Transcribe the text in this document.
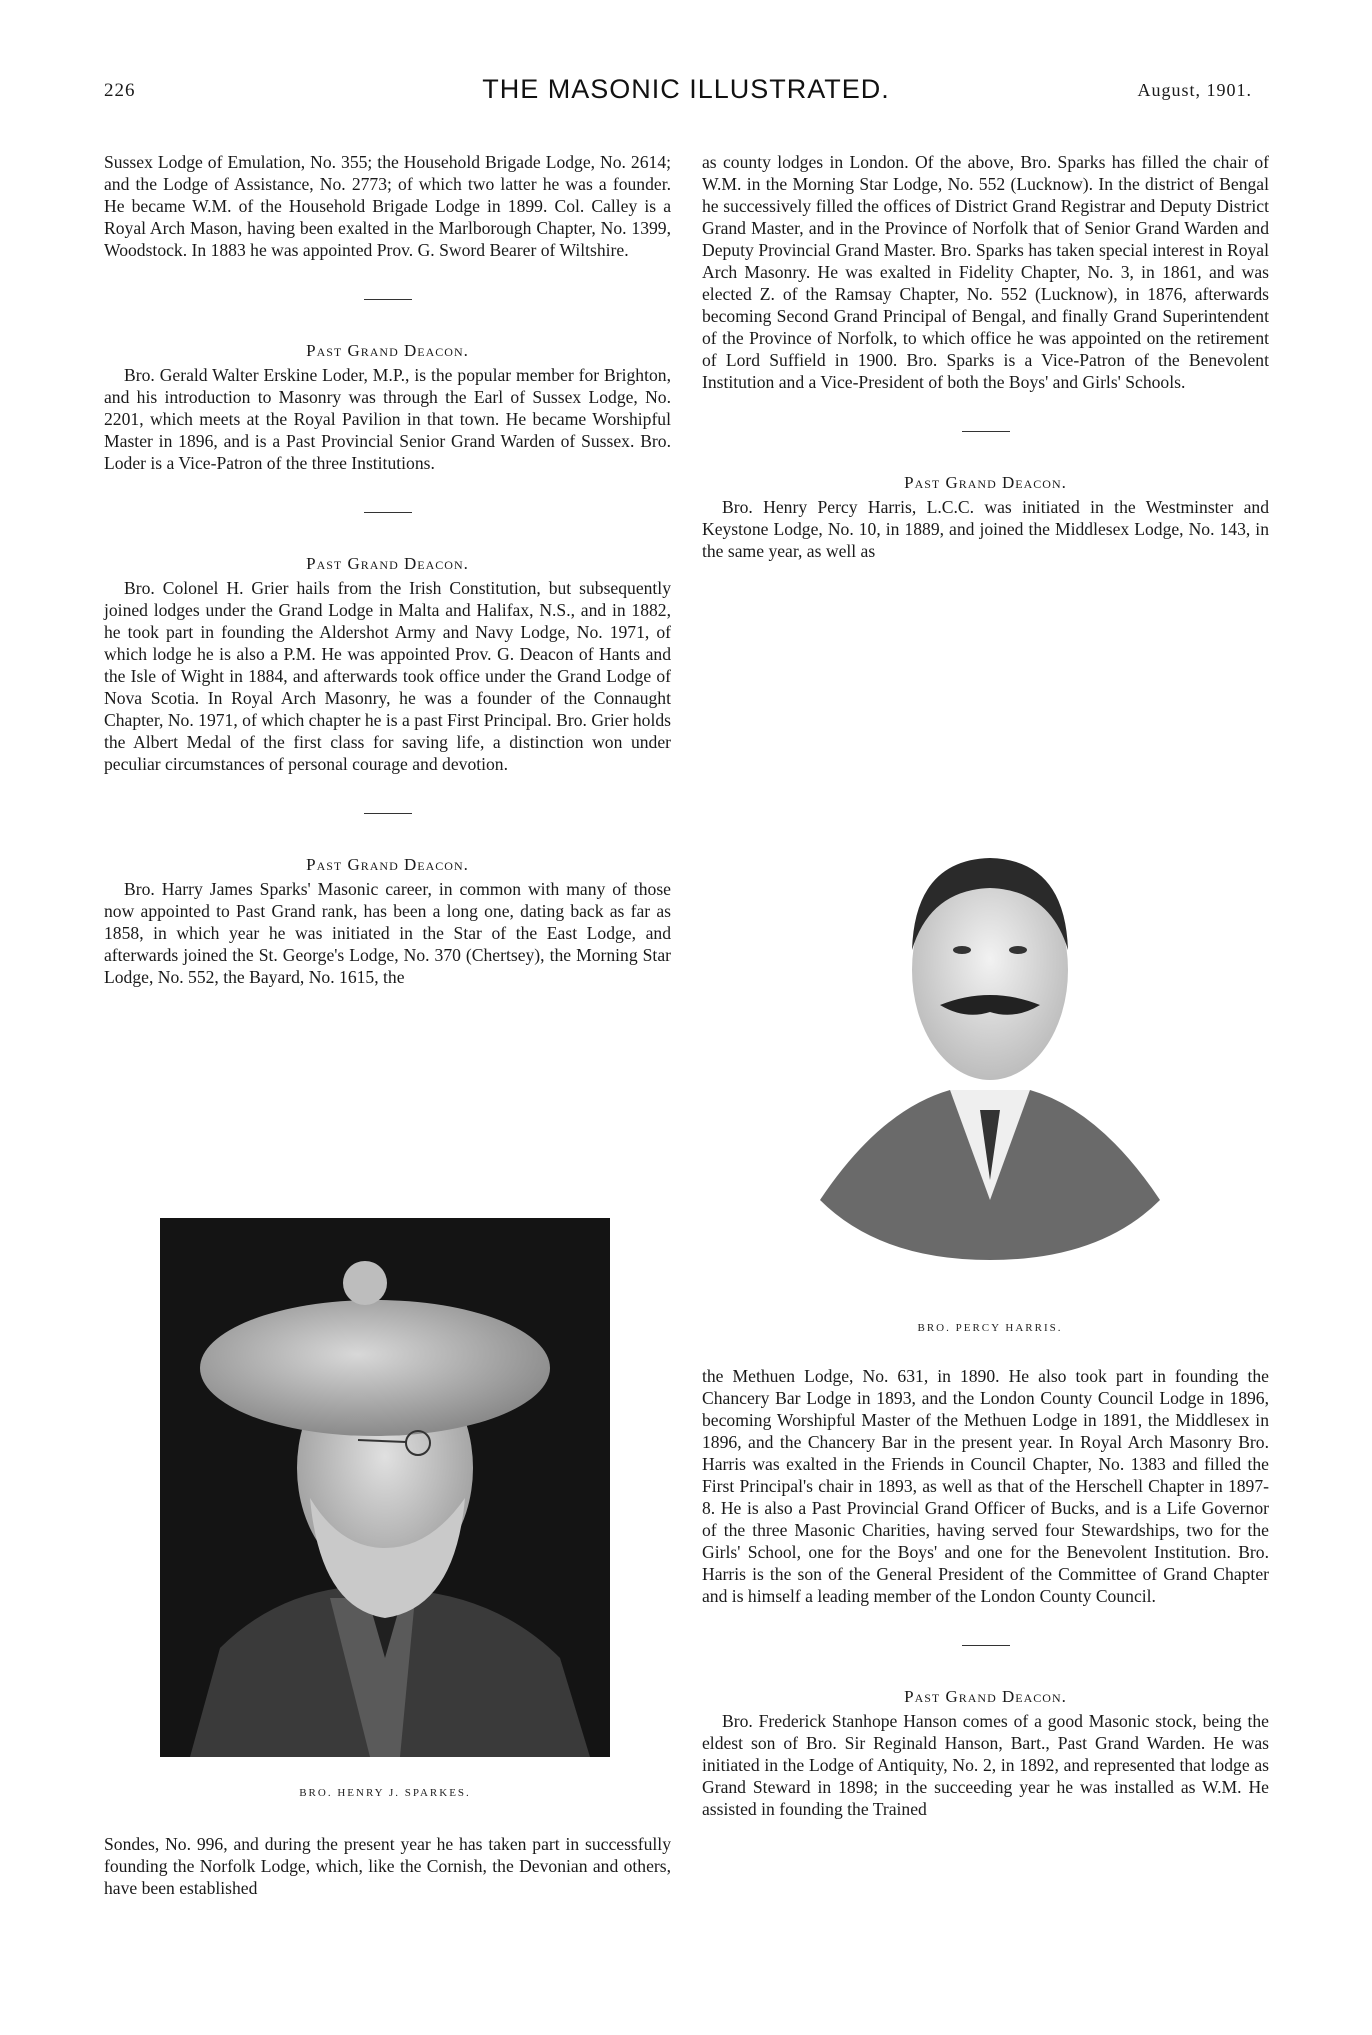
226	THE MASONIC ILLUSTRATED.	August, 1901.

Sussex Lodge of Emulation, No. 355; the Household Brigade Lodge, No. 2614; and the Lodge of Assistance, No. 2773; of which two latter he was a founder. He became W.M. of the Household Brigade Lodge in 1899. Col. Calley is a Royal Arch Mason, having been exalted in the Marlborough Chapter, No. 1399, Woodstock. In 1883 he was appointed Prov. G. Sword Bearer of Wiltshire.

Past Grand Deacon.

Bro. Gerald Walter Erskine Loder, M.P., is the popular member for Brighton, and his introduction to Masonry was through the Earl of Sussex Lodge, No. 2201, which meets at the Royal Pavilion in that town. He became Worshipful Master in 1896, and is a Past Provincial Senior Grand Warden of Sussex. Bro. Loder is a Vice-Patron of the three Institutions.

Past Grand Deacon.

Bro. Colonel H. Grier hails from the Irish Constitution, but subsequently joined lodges under the Grand Lodge in Malta and Halifax, N.S., and in 1882, he took part in founding the Aldershot Army and Navy Lodge, No. 1971, of which lodge he is also a P.M. He was appointed Prov. G. Deacon of Hants and the Isle of Wight in 1884, and afterwards took office under the Grand Lodge of Nova Scotia. In Royal Arch Masonry, he was a founder of the Connaught Chapter, No. 1971, of which chapter he is a past First Principal. Bro. Grier holds the Albert Medal of the first class for saving life, a distinction won under peculiar circumstances of personal courage and devotion.

Past Grand Deacon.

Bro. Harry James Sparks' Masonic career, in common with many of those now appointed to Past Grand rank, has been a long one, dating back as far as 1858, in which year he was initiated in the Star of the East Lodge, and afterwards joined the St. George's Lodge, No. 370 (Chertsey), the Morning Star Lodge, No. 552, the Bayard, No. 1615, the

BRO. HENRY J. SPARKES.

Sondes, No. 996, and during the present year he has taken part in successfully founding the Norfolk Lodge, which, like the Cornish, the Devonian and others, have been established

as county lodges in London. Of the above, Bro. Sparks has filled the chair of W.M. in the Morning Star Lodge, No. 552 (Lucknow). In the district of Bengal he successively filled the offices of District Grand Registrar and Deputy District Grand Master, and in the Province of Norfolk that of Senior Grand Warden and Deputy Provincial Grand Master. Bro. Sparks has taken special interest in Royal Arch Masonry. He was exalted in Fidelity Chapter, No. 3, in 1861, and was elected Z. of the Ramsay Chapter, No. 552 (Lucknow), in 1876, afterwards becoming Second Grand Principal of Bengal, and finally Grand Superintendent of the Province of Norfolk, to which office he was appointed on the retirement of Lord Suffield in 1900. Bro. Sparks is a Vice-Patron of the Benevolent Institution and a Vice-President of both the Boys' and Girls' Schools.

Past Grand Deacon.

Bro. Henry Percy Harris, L.C.C. was initiated in the Westminster and Keystone Lodge, No. 10, in 1889, and joined the Middlesex Lodge, No. 143, in the same year, as well as

BRO. PERCY HARRIS.

the Methuen Lodge, No. 631, in 1890. He also took part in founding the Chancery Bar Lodge in 1893, and the London County Council Lodge in 1896, becoming Worshipful Master of the Methuen Lodge in 1891, the Middlesex in 1896, and the Chancery Bar in the present year. In Royal Arch Masonry Bro. Harris was exalted in the Friends in Council Chapter, No. 1383 and filled the First Principal's chair in 1893, as well as that of the Herschell Chapter in 1897-8. He is also a Past Provincial Grand Officer of Bucks, and is a Life Governor of the three Masonic Charities, having served four Stewardships, two for the Girls' School, one for the Boys' and one for the Benevolent Institution. Bro. Harris is the son of the General President of the Committee of Grand Chapter and is himself a leading member of the London County Council.

Past Grand Deacon.

Bro. Frederick Stanhope Hanson comes of a good Masonic stock, being the eldest son of Bro. Sir Reginald Hanson, Bart., Past Grand Warden. He was initiated in the Lodge of Antiquity, No. 2, in 1892, and represented that lodge as Grand Steward in 1898; in the succeeding year he was installed as W.M. He assisted in founding the Trained
